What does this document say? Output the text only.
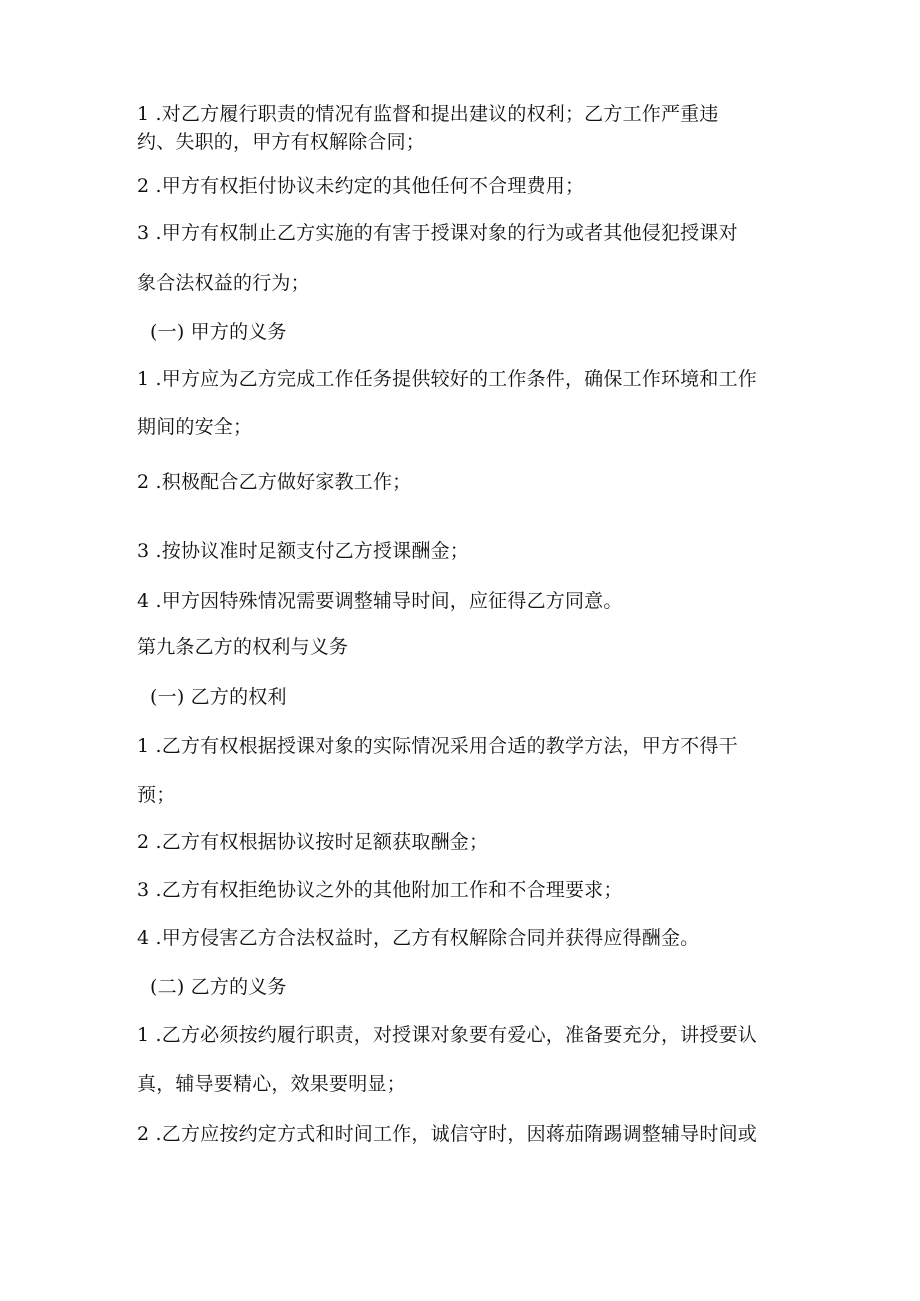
1 .对乙方履行职责的情况有监督和提出建议的权利；乙方工作严重违
约、失职的，甲方有权解除合同；
2 .甲方有权拒付协议未约定的其他任何不合理费用；
3 .甲方有权制止乙方实施的有害于授课对象的行为或者其他侵犯授课对
象合法权益的行为；
(一) 甲方的义务
1 .甲方应为乙方完成工作任务提供较好的工作条件，确保工作环境和工作
期间的安全；
2 .积极配合乙方做好家教工作；
3 .按协议准时足额支付乙方授课酬金；
4 .甲方因特殊情况需要调整辅导时间，应征得乙方同意。
第九条乙方的权利与义务
(一) 乙方的权利
1 .乙方有权根据授课对象的实际情况采用合适的教学方法，甲方不得干
预；
2 .乙方有权根据协议按时足额获取酬金；
3 .乙方有权拒绝协议之外的其他附加工作和不合理要求；
4 .甲方侵害乙方合法权益时，乙方有权解除合同并获得应得酬金。
(二) 乙方的义务
1 .乙方必须按约履行职责，对授课对象要有爱心，准备要充分，讲授要认
真，辅导要精心，效果要明显；
2 .乙方应按约定方式和时间工作，诚信守时，因蒋茄隋踢调整辅导时间或
